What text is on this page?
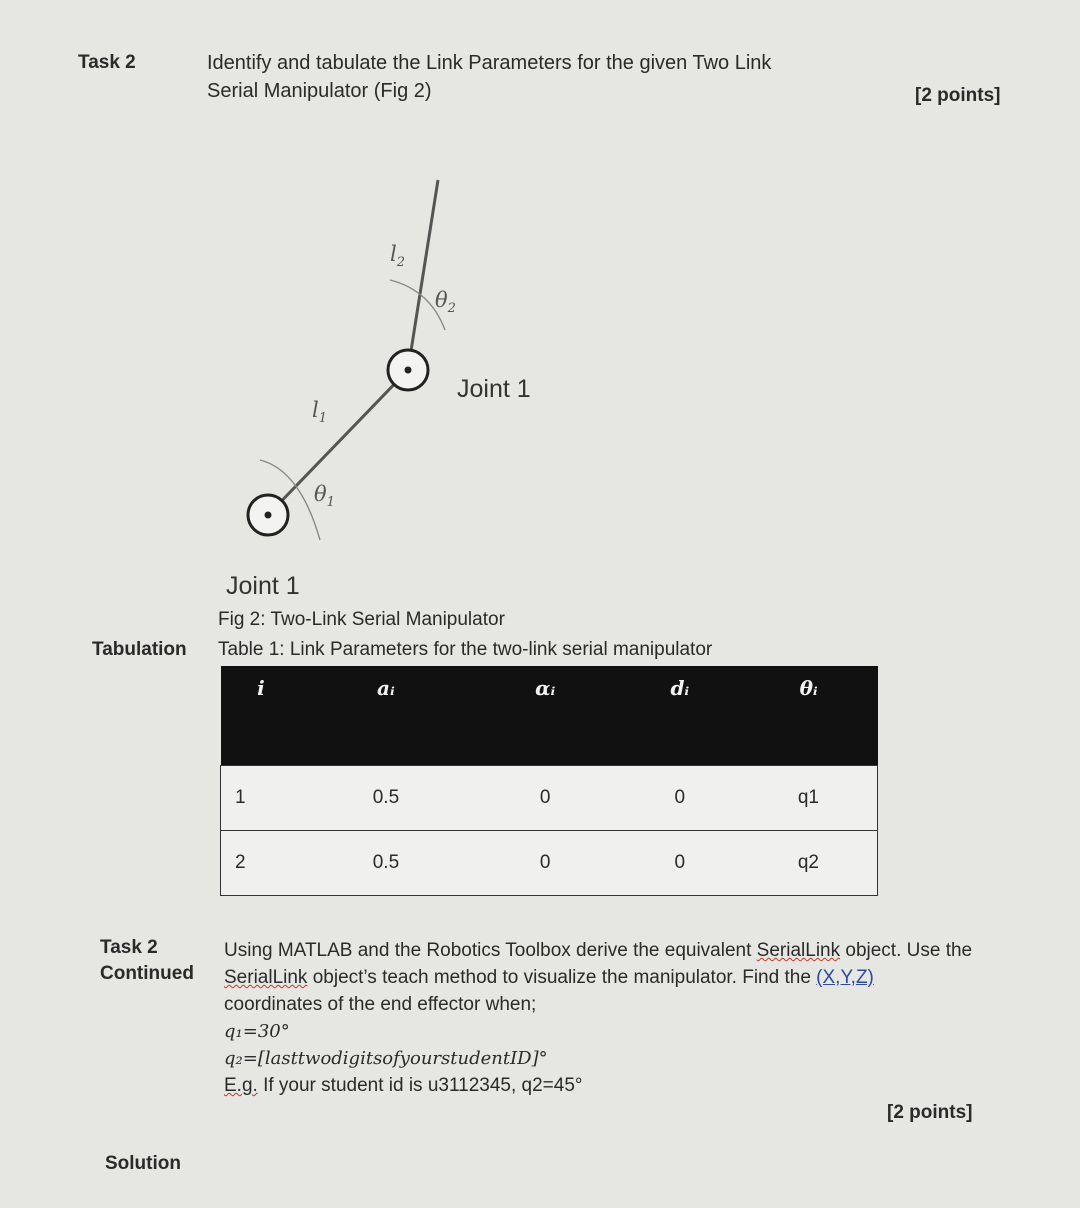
Task 2	Identify and tabulate the Link Parameters for the given Two Link
Serial Manipulator (Fig 2)	[2 points]
$l_2$
$\theta_2$
Joint 1
$l_1$
$\theta_1$
Joint 1
Fig 2: Two-Link Serial Manipulator
Tabulation Table 1: Link Parameters for the two-link serial manipulator
i	aᵢ	αᵢ	dᵢ	θᵢ
1	0.5	0	0	q1
2	0.5	0	0	q2
Task 2
Continued
Using MATLAB and the Robotics Toolbox derive the equivalent SerialLink object. Use the
SerialLink object’s teach method to visualize the manipulator. Find the (X,Y,Z)
coordinates of the end effector when;
q₁=30°
q₂=[lasttwodigitsofyourstudentID]°
E.g. If your student id is u3112345, q2=45°
[2 points]
Solution
